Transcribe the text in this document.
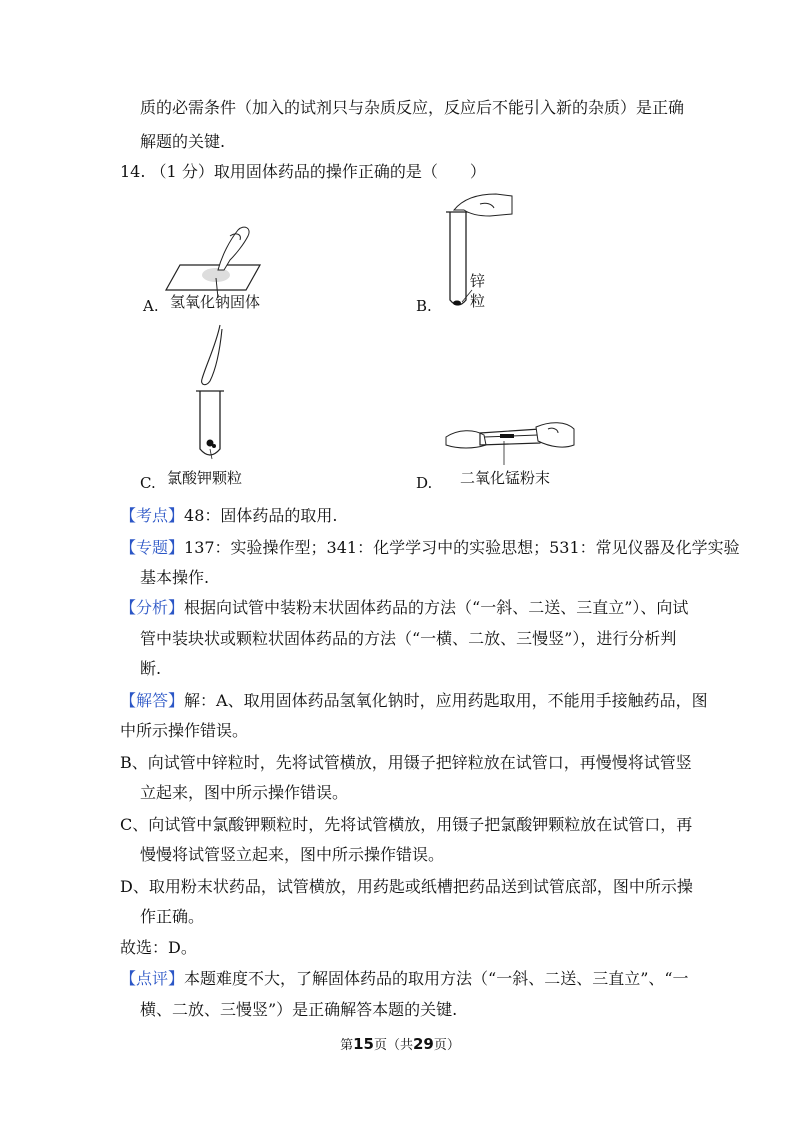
质的必需条件（加入的试剂只与杂质反应，反应后不能引入新的杂质）是正确
解题的关键.
14. （1 分）取用固体药品的操作正确的是（　　）
A. 氢氧化钠固体	B.
锌
粒
C. 氯酸钾颗粒	D. 二氧化锰粉末
【考点】48：固体药品的取用.
【专题】137：实验操作型；341：化学学习中的实验思想；531：常见仪器及化学实验
基本操作.
【分析】根据向试管中装粉末状固体药品的方法（“一斜、二送、三直立”）、向试
管中装块状或颗粒状固体药品的方法（“一横、二放、三慢竖”），进行分析判
断.
【解答】解：A、取用固体药品氢氧化钠时，应用药匙取用，不能用手接触药品，图
中所示操作错误。
B、向试管中锌粒时，先将试管横放，用镊子把锌粒放在试管口，再慢慢将试管竖
立起来，图中所示操作错误。
C、向试管中氯酸钾颗粒时，先将试管横放，用镊子把氯酸钾颗粒放在试管口，再
慢慢将试管竖立起来，图中所示操作错误。
D、取用粉末状药品，试管横放，用药匙或纸槽把药品送到试管底部，图中所示操
作正确。
故选：D。
【点评】本题难度不大，了解固体药品的取用方法（“一斜、二送、三直立”、“一
横、二放、三慢竖”）是正确解答本题的关键.
第15页（共29页）
